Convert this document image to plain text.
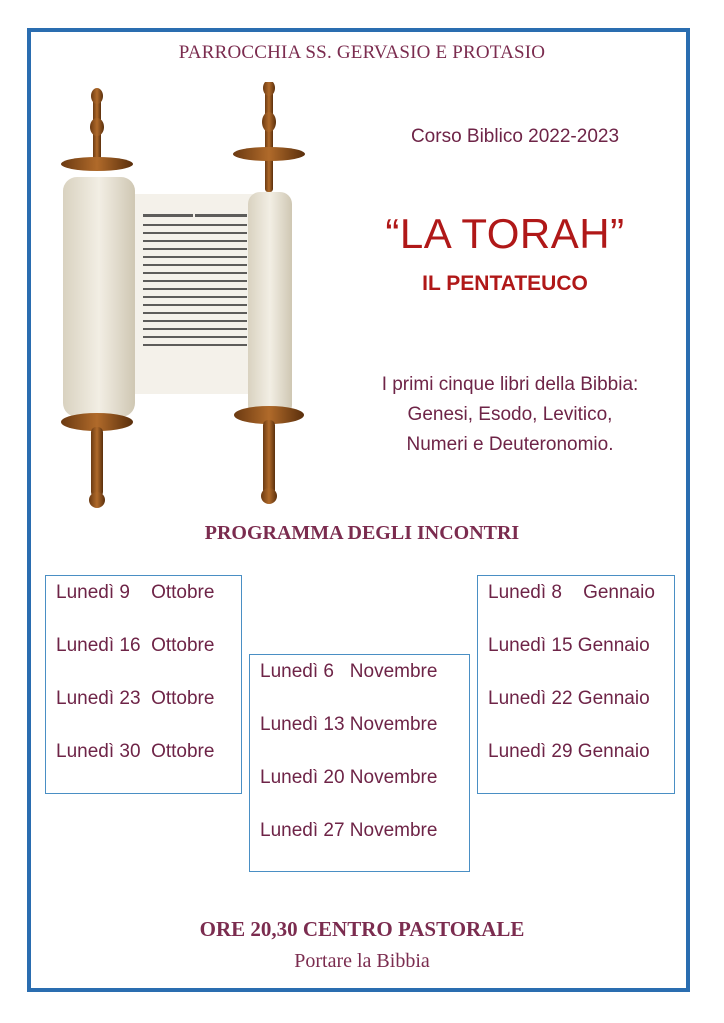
PARROCCHIA SS. GERVASIO E PROTASIO
Corso Biblico 2022-2023
“LA TORAH”
IL PENTATEUCO
I primi cinque libri della Bibbia:
Genesi, Esodo, Levitico,
Numeri e Deuteronomio.
PROGRAMMA DEGLI INCONTRI
Lunedì 9    Ottobre
Lunedì 16  Ottobre
Lunedì 23  Ottobre
Lunedì 30  Ottobre
Lunedì 6   Novembre
Lunedì 13 Novembre
Lunedì 20 Novembre
Lunedì 27 Novembre
Lunedì 8    Gennaio
Lunedì 15 Gennaio
Lunedì 22 Gennaio
Lunedì 29 Gennaio
ORE 20,30 CENTRO PASTORALE
Portare la Bibbia
